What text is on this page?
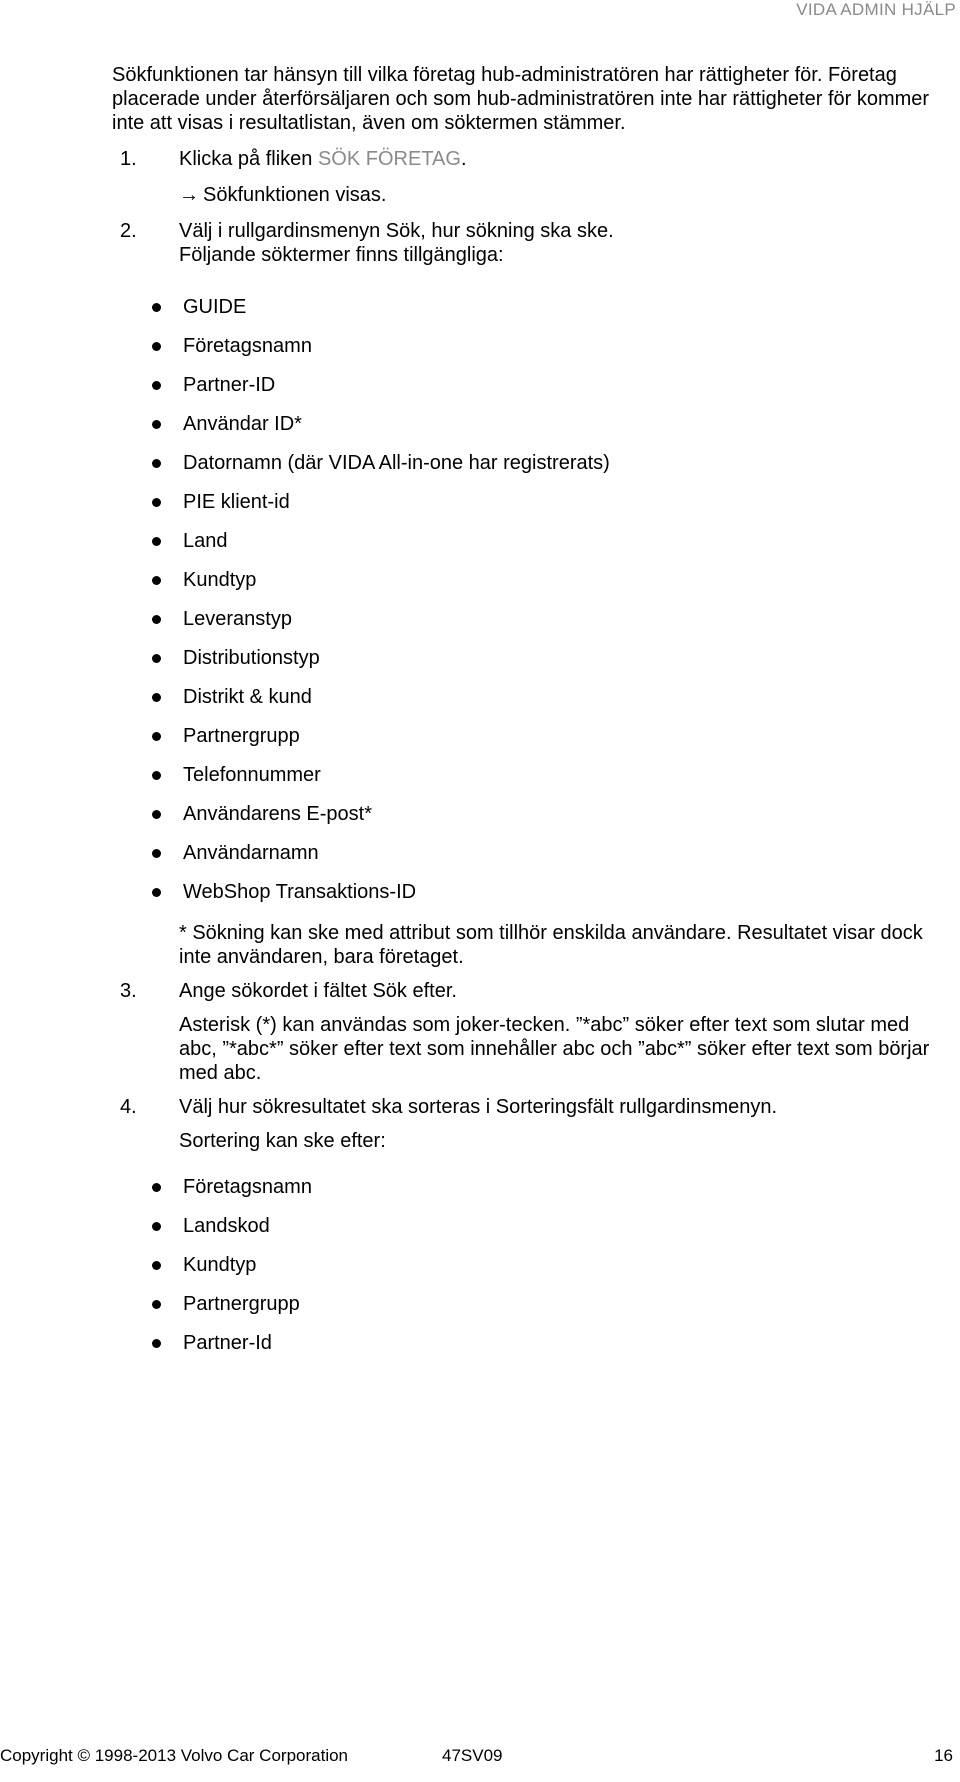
VIDA ADMIN HJÄLP

Sökfunktionen tar hänsyn till vilka företag hub-administratören har rättigheter för. Företag placerade under återförsäljaren och som hub-administratören inte har rättigheter för kommer inte att visas i resultatlistan, även om söktermen stämmer.

1. Klicka på fliken SÖK FÖRETAG.
→ Sökfunktionen visas.
2. Välj i rullgardinsmenyn Sök, hur sökning ska ske.
Följande söktermer finns tillgängliga:
GUIDE
Företagsnamn
Partner-ID
Användar ID*
Datornamn (där VIDA All-in-one har registrerats)
PIE klient-id
Land
Kundtyp
Leveranstyp
Distributionstyp
Distrikt & kund
Partnergrupp
Telefonnummer
Användarens E-post*
Användarnamn
WebShop Transaktions-ID
* Sökning kan ske med attribut som tillhör enskilda användare. Resultatet visar dock inte användaren, bara företaget.
3. Ange sökordet i fältet Sök efter.
Asterisk (*) kan användas som joker-tecken. ”*abc” söker efter text som slutar med abc, ”*abc*” söker efter text som innehåller abc och ”abc*” söker efter text som börjar med abc.
4. Välj hur sökresultatet ska sorteras i Sorteringsfält rullgardinsmenyn.
Sortering kan ske efter:
Företagsnamn
Landskod
Kundtyp
Partnergrupp
Partner-Id
Copyright © 1998-2013 Volvo Car Corporation	47SV09	16
